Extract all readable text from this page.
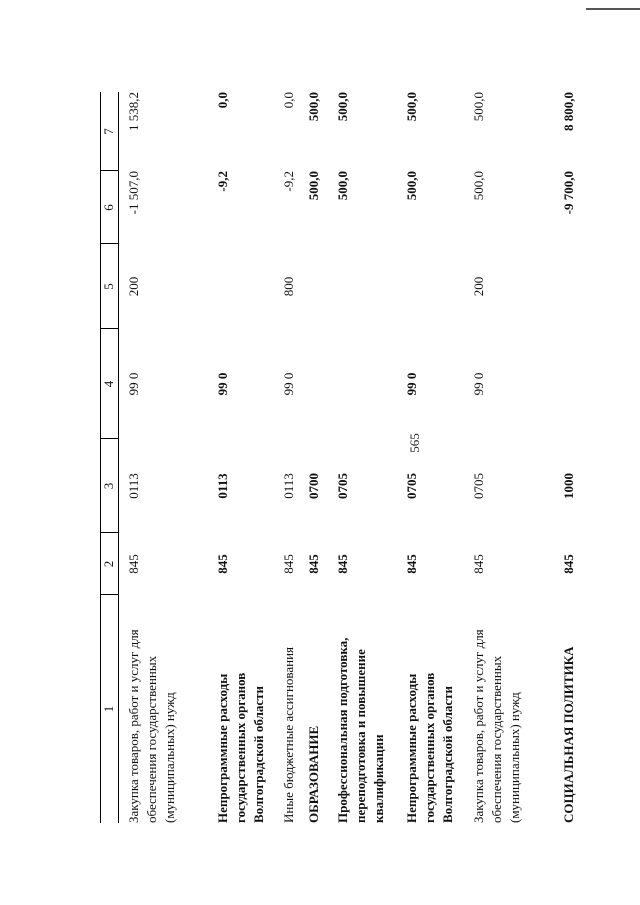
565
1
2
3
4
5
6
7
Закупка товаров, работ и услуг для обеспечения государственных (муниципальных) нужд
845
0113
99 0
200
-1 507,0
1 538,2
Непрограммные расходы государственных органов Волгоградской области
845
0113
99 0
-9,2
0,0
Иные бюджетные ассигнования
845
0113
99 0
800
-9,2
0,0
ОБРАЗОВАНИЕ
845
0700
500,0
500,0
Профессиональная подготовка, переподготовка и повышение квалификации
845
0705
500,0
500,0
Непрограммные расходы государственных органов Волгоградской области
845
0705
99 0
500,0
500,0
Закупка товаров, работ и услуг для обеспечения государственных (муниципальных) нужд
845
0705
99 0
200
500,0
500,0
СОЦИАЛЬНАЯ ПОЛИТИКА
845
1000
-9 700,0
8 800,0
